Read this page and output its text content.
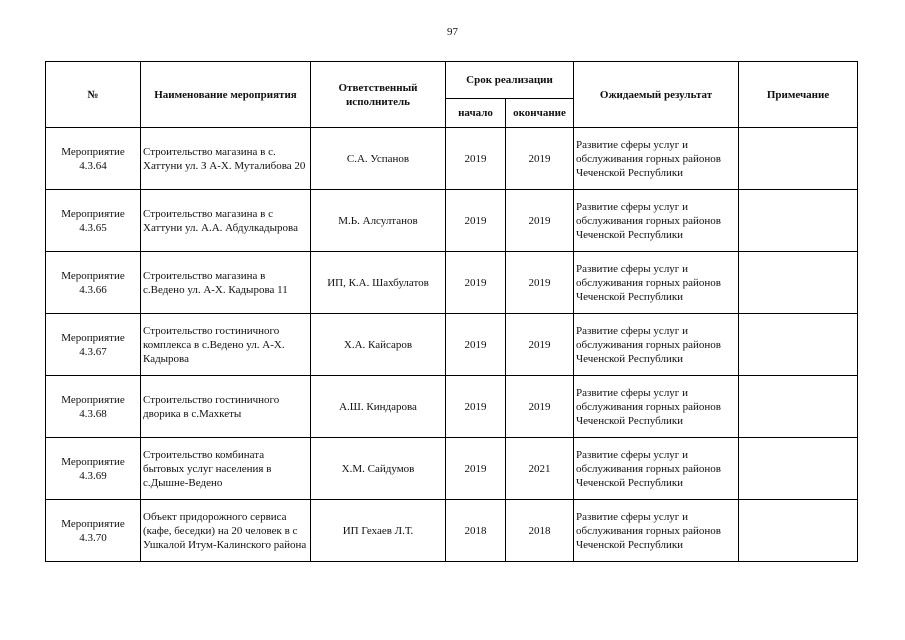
97
№	Наименование мероприятия	Ответственный исполнитель	Срок реализации		Ожидаемый результат	Примечание
			начало	окончание		
Мероприятие 4.3.64	Строительство магазина в с. Хаттуни ул. З А-Х. Муталибова 20	С.А. Успанов	2019	2019	Развитие сферы услуг и обслуживания горных районов Чеченской Республики	
Мероприятие 4.3.65	Строительство магазина в с Хаттуни ул. А.А. Абдулкадырова	М.Ь. Алсултанов	2019	2019	Развитие сферы услуг и обслуживания горных районов Чеченской Республики	
Мероприятие 4.3.66	Строительство магазина в с.Ведено ул. А-Х. Кадырова 11	ИП, К.А. Шахбулатов	2019	2019	Развитие сферы услуг и обслуживания горных районов Чеченской Республики	
Мероприятие 4.3.67	Строительство гостиничного комплекса в с.Ведено ул. А-Х. Кадырова	Х.А. Кайсаров	2019	2019	Развитие сферы услуг и обслуживания горных районов Чеченской Республики	
Мероприятие 4.3.68	Строительство гостиничного дворика в с.Махкеты	А.Ш. Киндарова	2019	2019	Развитие сферы услуг и обслуживания горных районов Чеченской Республики	
Мероприятие 4.3.69	Строительство комбината бытовых услуг населения в с.Дышне-Ведено	Х.М. Сайдумов	2019	2021	Развитие сферы услуг и обслуживания горных районов Чеченской Республики	
Мероприятие 4.3.70	Объект придорожного сервиса (кафе, беседки) на 20 человек в с Ушкалой Итум-Калинского района	ИП Гехаев Л.Т.	2018	2018	Развитие сферы услуг и обслуживания горных районов Чеченской Республики	
